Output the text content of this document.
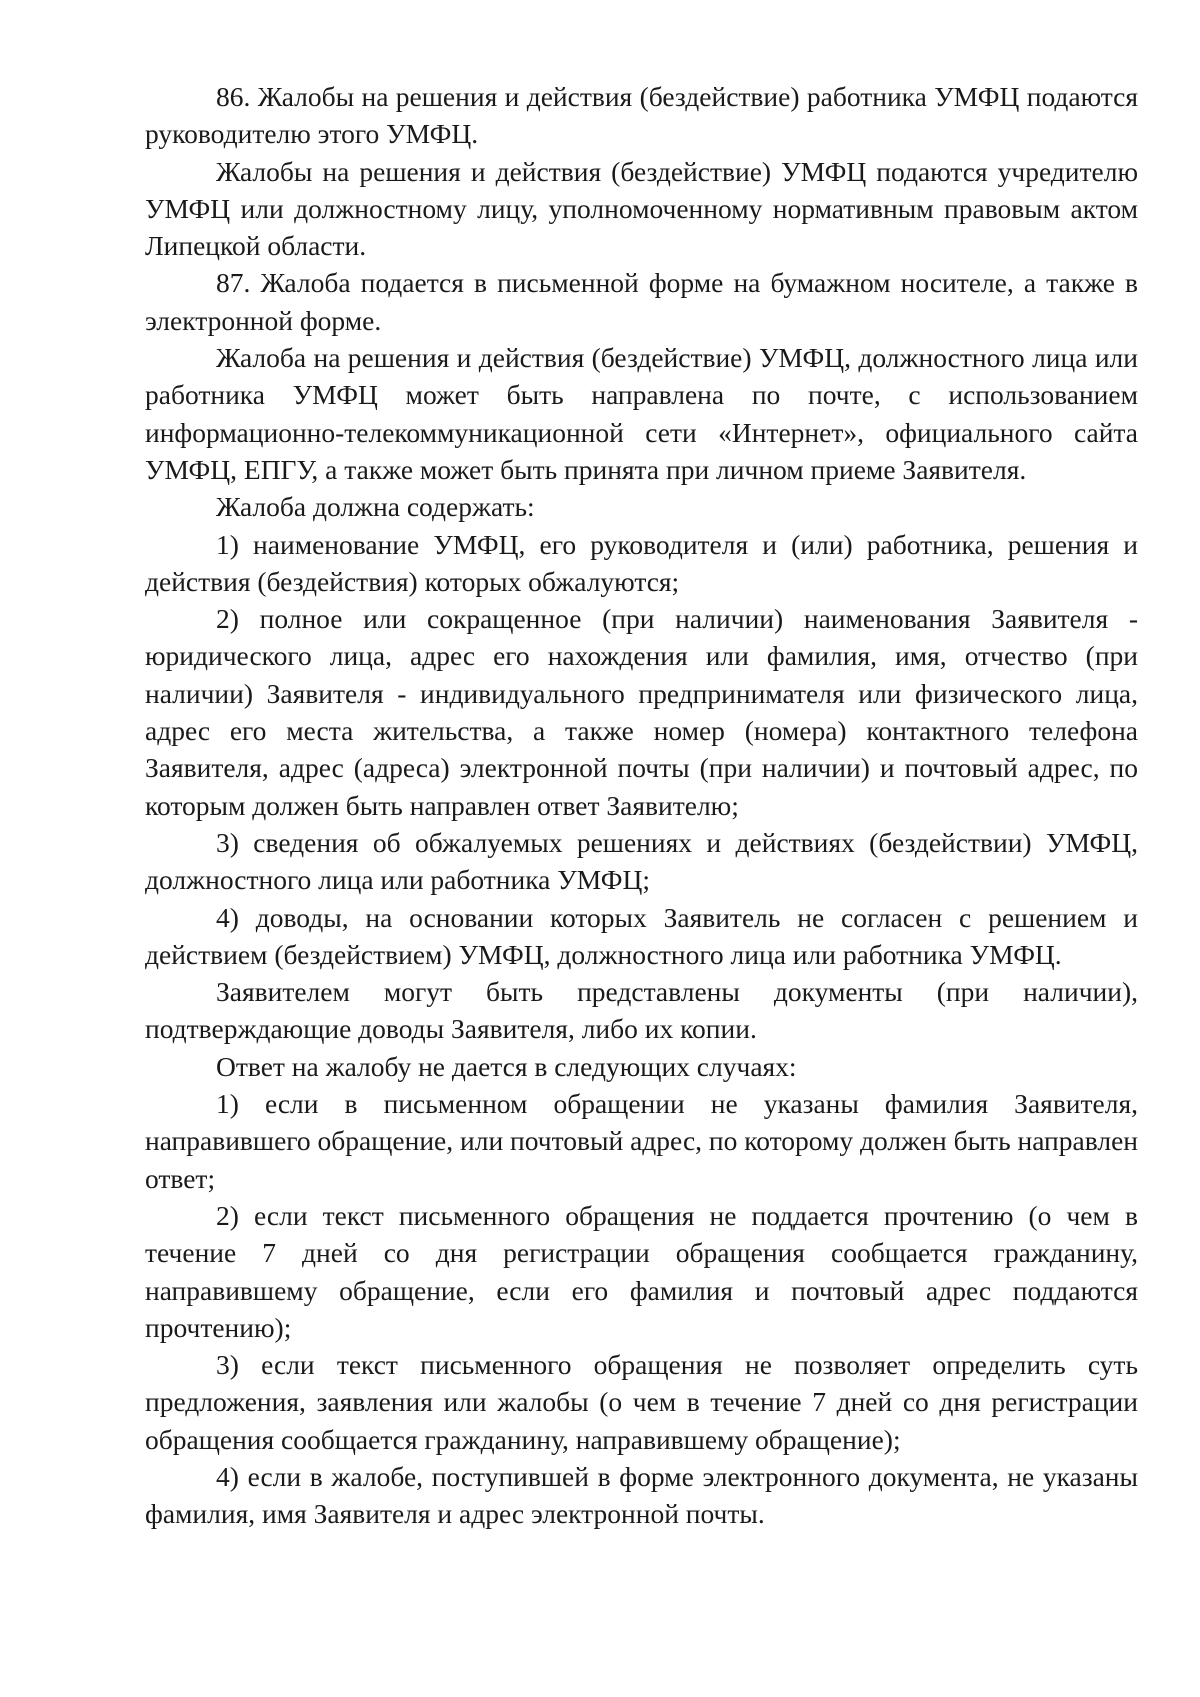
86. Жалобы на решения и действия (бездействие) работника УМФЦ подаются руководителю этого УМФЦ.

Жалобы на решения и действия (бездействие) УМФЦ подаются учредителю УМФЦ или должностному лицу, уполномоченному нормативным правовым актом Липецкой области.

87. Жалоба подается в письменной форме на бумажном носителе, а также в электронной форме.

Жалоба на решения и действия (бездействие) УМФЦ, должностного лица или работника УМФЦ может быть направлена по почте, с использованием информационно-телекоммуникационной сети «Интернет», официального сайта УМФЦ, ЕПГУ, а также может быть принята при личном приеме Заявителя.

Жалоба должна содержать:

1) наименование УМФЦ, его руководителя и (или) работника, решения и действия (бездействия) которых обжалуются;

2) полное или сокращенное (при наличии) наименования Заявителя - юридического лица, адрес его нахождения или фамилия, имя, отчество (при наличии) Заявителя - индивидуального предпринимателя или физического лица, адрес его места жительства, а также номер (номера) контактного телефона Заявителя, адрес (адреса) электронной почты (при наличии) и почтовый адрес, по которым должен быть направлен ответ Заявителю;

3) сведения об обжалуемых решениях и действиях (бездействии) УМФЦ, должностного лица или работника УМФЦ;

4) доводы, на основании которых Заявитель не согласен с решением и действием (бездействием) УМФЦ, должностного лица или работника УМФЦ.

Заявителем могут быть представлены документы (при наличии), подтверждающие доводы Заявителя, либо их копии.

Ответ на жалобу не дается в следующих случаях:

1) если в письменном обращении не указаны фамилия Заявителя, направившего обращение, или почтовый адрес, по которому должен быть направлен ответ;

2) если текст письменного обращения не поддается прочтению (о чем в течение 7 дней со дня регистрации обращения сообщается гражданину, направившему обращение, если его фамилия и почтовый адрес поддаются прочтению);

3) если текст письменного обращения не позволяет определить суть предложения, заявления или жалобы (о чем в течение 7 дней со дня регистрации обращения сообщается гражданину, направившему обращение);

4) если в жалобе, поступившей в форме электронного документа, не указаны фамилия, имя Заявителя и адрес электронной почты.
